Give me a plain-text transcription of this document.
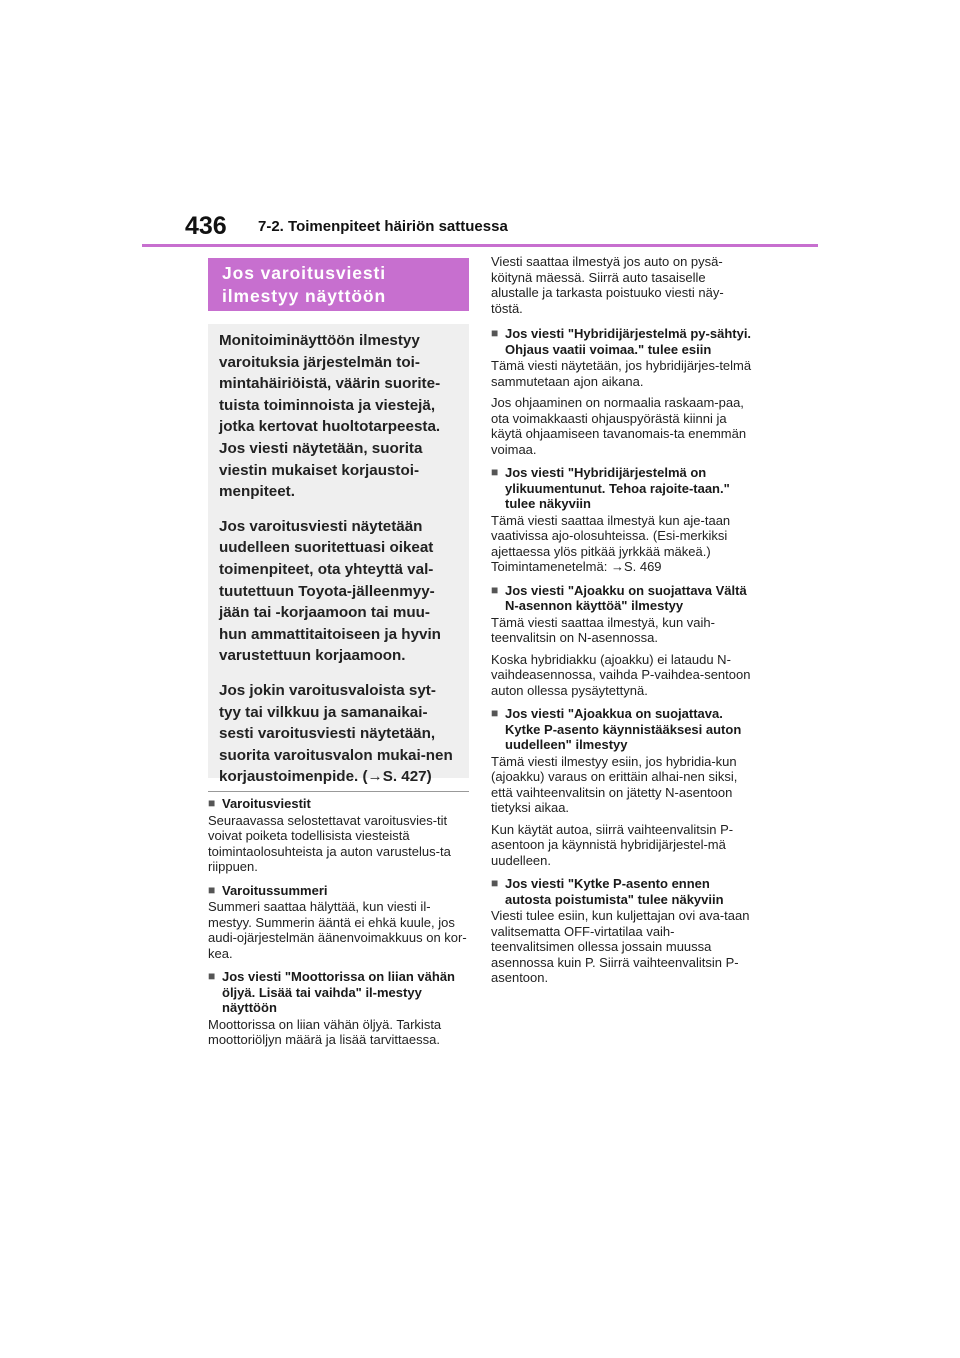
436 7-2. Toimenpiteet häiriön sattuessa
Jos varoitusviesti
ilmestyy näyttöön

Monitoiminäyttöön ilmestyy varoituksia järjestelmän toi-mintahäiriöistä, väärin suorite-tuista toiminnoista ja viestejä, jotka kertovat huoltotarpeesta. Jos viesti näytetään, suorita viestin mukaiset korjaustoi-menpiteet.

Jos varoitusviesti näytetään uudelleen suoritettuasi oikeat toimenpiteet, ota yhteyttä val-tuutettuun Toyota-jälleenmyy-jään tai -korjaamoon tai muu-hun ammattitaitoiseen ja hyvin varustettuun korjaamoon.

Jos jokin varoitusvaloista syt-tyy tai vilkkuu ja samanaikai-sesti varoitusviesti näytetään, suorita varoitusvalon mukai-nen korjaustoimenpide. (→S. 427)

■ Varoitusviestit

Seuraavassa selostettavat varoitusvies-tit voivat poiketa todellisista viesteistä toimintaolosuhteista ja auton varustelus-ta riippuen.

■ Varoitussummeri

Summeri saattaa hälyttää, kun viesti il-mestyy. Summerin ääntä ei ehkä kuule, jos audi-ojärjestelmän äänenvoimakkuus on kor-kea.

■ Jos viesti "Moottorissa on liian vähän öljyä. Lisää tai vaihda" il-mestyy näyttöön

Moottorissa on liian vähän öljyä. Tarkista moottoriöljyn määrä ja lisää tarvittaessa.

Viesti saattaa ilmestyä jos auto on pysä-köitynä mäessä. Siirrä auto tasaiselle alustalle ja tarkasta poistuuko viesti näy-töstä.

■ Jos viesti "Hybridijärjestelmä py-sähtyi. Ohjaus vaatii voimaa." tulee esiin

Tämä viesti näytetään, jos hybridijärjes-telmä sammutetaan ajon aikana.

Jos ohjaaminen on normaalia raskaam-paa, ota voimakkaasti ohjauspyörästä kiinni ja käytä ohjaamiseen tavanomais-ta enemmän voimaa.

■ Jos viesti "Hybridijärjestelmä on ylikuumentunut. Tehoa rajoite-taan." tulee näkyviin

Tämä viesti saattaa ilmestyä kun aje-taan vaativissa ajo-olosuhteissa. (Esi-merkiksi ajettaessa ylös pitkää jyrkkää mäkeä.) Toimintamenetelmä: →S. 469

■ Jos viesti "Ajoakku on suojattava Vältä N-asennon käyttöä" ilmestyy

Tämä viesti saattaa ilmestyä, kun vaih-teenvalitsin on N-asennossa.

Koska hybridiakku (ajoakku) ei lataudu N-vaihdeasennossa, vaihda P-vaihdea-sentoon auton ollessa pysäytettynä.

■ Jos viesti "Ajoakkua on suojattava. Kytke P-asento käynnistääksesi auton uudelleen" ilmestyy

Tämä viesti ilmestyy esiin, jos hybridia-kun (ajoakku) varaus on erittäin alhai-nen siksi, että vaihteenvalitsin on jätetty N-asentoon tietyksi aikaa.

Kun käytät autoa, siirrä vaihteenvalitsin P-asentoon ja käynnistä hybridijärjestel-mä uudelleen.

■ Jos viesti "Kytke P-asento ennen autosta poistumista" tulee näkyviin

Viesti tulee esiin, kun kuljettajan ovi ava-taan valitsematta OFF-virtatilaa vaih-teenvalitsimen ollessa jossain muussa asennossa kuin P. Siirrä vaihteenvalitsin P-asentoon.
